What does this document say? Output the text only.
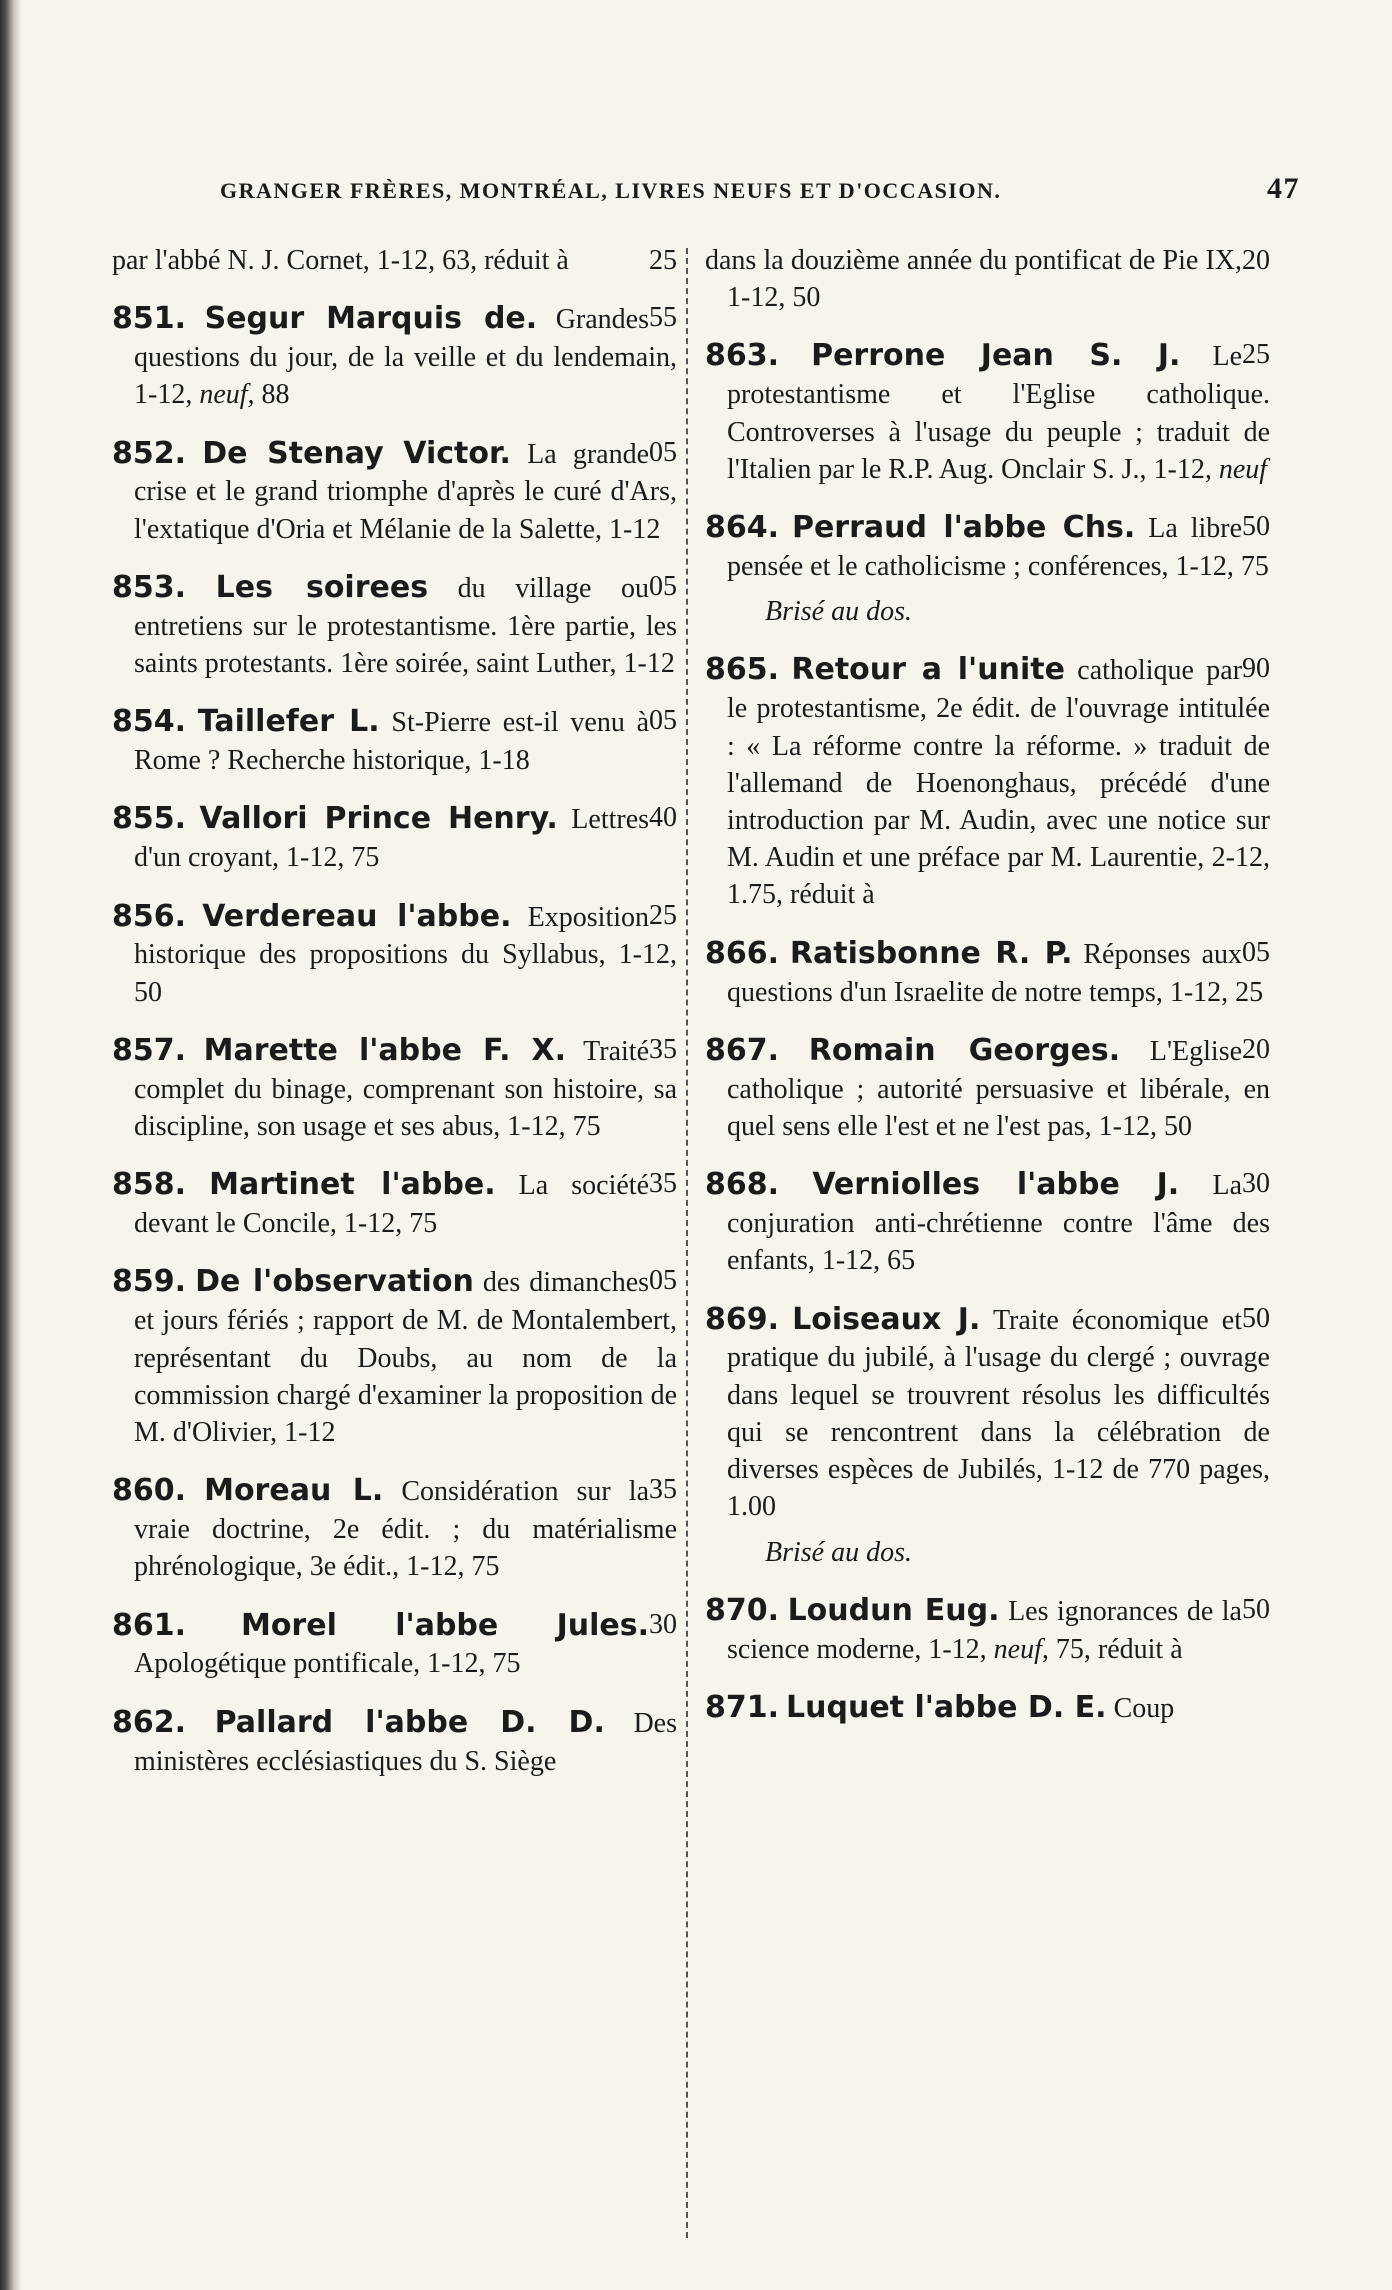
GRANGER FRÈRES, MONTRÉAL, LIVRES NEUFS ET D'OCCASION.	47

25
par l'abbé N. J. Cornet, 1-12, 63, réduit à

55
851. Segur Marquis de. Grandes questions du jour, de la veille et du lendemain, 1-12, neuf, 88

05
852. De Stenay Victor. La grande crise et le grand triomphe d'après le curé d'Ars, l'extatique d'Oria et Mélanie de la Salette, 1-12

05
853. Les soirees du village ou entretiens sur le protestantisme. 1ère partie, les saints protestants. 1ère soirée, saint Luther, 1-12

05
854. Taillefer L. St-Pierre est-il venu à Rome ? Recherche historique, 1-18

40
855. Vallori Prince Henry. Lettres d'un croyant, 1-12, 75

25
856. Verdereau l'abbe. Exposition historique des propositions du Syllabus, 1-12, 50

35
857. Marette l'abbe F. X. Traité complet du binage, comprenant son histoire, sa discipline, son usage et ses abus, 1-12, 75

35
858. Martinet l'abbe. La société devant le Concile, 1-12, 75

05
859. De l'observation des dimanches et jours fériés ; rapport de M. de Montalembert, représentant du Doubs, au nom de la commission chargé d'examiner la proposition de M. d'Olivier, 1-12

35
860. Moreau L. Considération sur la vraie doctrine, 2e édit. ; du matérialisme phrénologique, 3e édit., 1-12, 75

30
861. Morel l'abbe Jules. Apologétique pontificale, 1-12, 75

862. Pallard l'abbe D. D. Des ministères ecclésiastiques du S. Siège

20
dans la douzième année du pontificat de Pie IX, 1-12, 50

25
863. Perrone Jean S. J. Le protestantisme et l'Eglise catholique. Controverses à l'usage du peuple ; traduit de l'Italien par le R.P. Aug. Onclair S. J., 1-12, neuf

50
864. Perraud l'abbe Chs. La libre pensée et le catholicisme ; conférences, 1-12, 75

Brisé au dos.

90
865. Retour a l'unite catholique par le protestantisme, 2e édit. de l'ouvrage intitulée : « La réforme contre la réforme. » traduit de l'allemand de Hoenonghaus, précédé d'une introduction par M. Audin, avec une notice sur M. Audin et une préface par M. Laurentie, 2-12, 1.75, réduit à

05
866. Ratisbonne R. P. Réponses aux questions d'un Israelite de notre temps, 1-12, 25

20
867. Romain Georges. L'Eglise catholique ; autorité persuasive et libérale, en quel sens elle l'est et ne l'est pas, 1-12, 50

30
868. Verniolles l'abbe J. La conjuration anti-chrétienne contre l'âme des enfants, 1-12, 65

50
869. Loiseaux J. Traite économique et pratique du jubilé, à l'usage du clergé ; ouvrage dans lequel se trouvrent résolus les difficultés qui se rencontrent dans la célébration de diverses espèces de Jubilés, 1-12 de 770 pages, 1.00

Brisé au dos.

50
870. Loudun Eug. Les ignorances de la science moderne, 1-12, neuf, 75, réduit à

871. Luquet l'abbe D. E. Coup
